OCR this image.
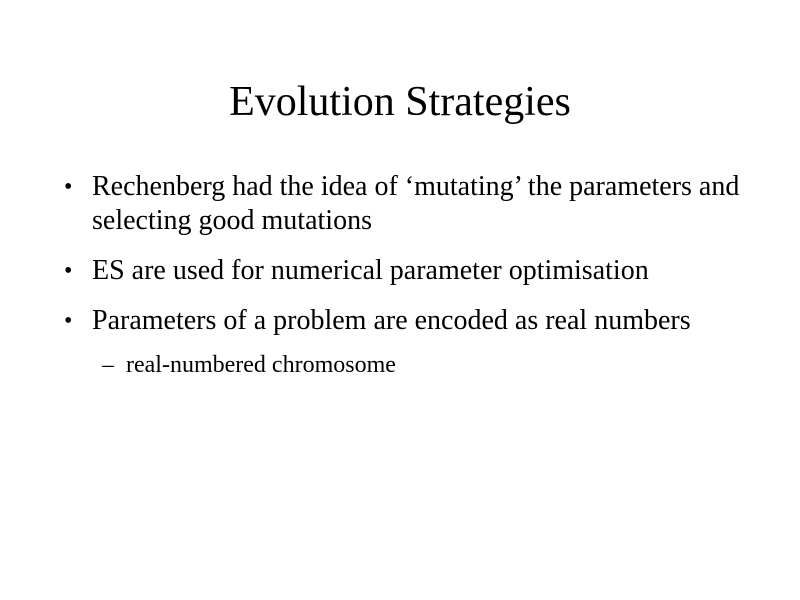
Evolution Strategies
• Rechenberg had the idea of ‘mutating’ the parameters and selecting good mutations
• ES are used for numerical parameter optimisation
• Parameters of a problem are encoded as real numbers
– real-numbered chromosome
